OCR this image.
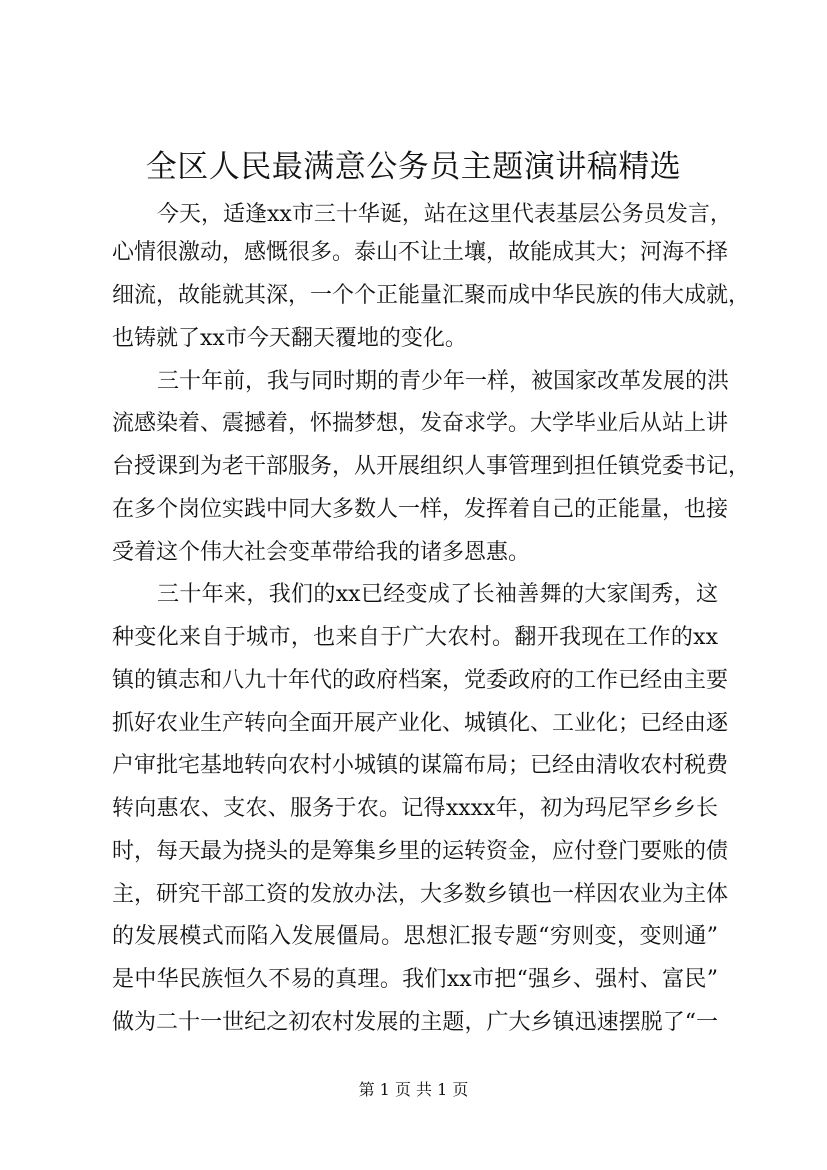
全区人民最满意公务员主题演讲稿精选
今天，适逢xx市三十华诞，站在这里代表基层公务员发言，
心情很激动，感慨很多。泰山不让土壤，故能成其大；河海不择
细流，故能就其深，一个个正能量汇聚而成中华民族的伟大成就，
也铸就了xx市今天翻天覆地的变化。
三十年前，我与同时期的青少年一样，被国家改革发展的洪
流感染着、震撼着，怀揣梦想，发奋求学。大学毕业后从站上讲
台授课到为老干部服务，从开展组织人事管理到担任镇党委书记，
在多个岗位实践中同大多数人一样，发挥着自己的正能量，也接
受着这个伟大社会变革带给我的诸多恩惠。
三十年来，我们的xx已经变成了长袖善舞的大家闺秀，这
种变化来自于城市，也来自于广大农村。翻开我现在工作的xx
镇的镇志和八九十年代的政府档案，党委政府的工作已经由主要
抓好农业生产转向全面开展产业化、城镇化、工业化；已经由逐
户审批宅基地转向农村小城镇的谋篇布局；已经由清收农村税费
转向惠农、支农、服务于农。记得xxxx年，初为玛尼罕乡乡长
时，每天最为挠头的是筹集乡里的运转资金，应付登门要账的债
主，研究干部工资的发放办法，大多数乡镇也一样因农业为主体
的发展模式而陷入发展僵局。思想汇报专题“穷则变，变则通”
是中华民族恒久不易的真理。我们xx市把“强乡、强村、富民”
做为二十一世纪之初农村发展的主题，广大乡镇迅速摆脱了“一
第 1 页 共 1 页
